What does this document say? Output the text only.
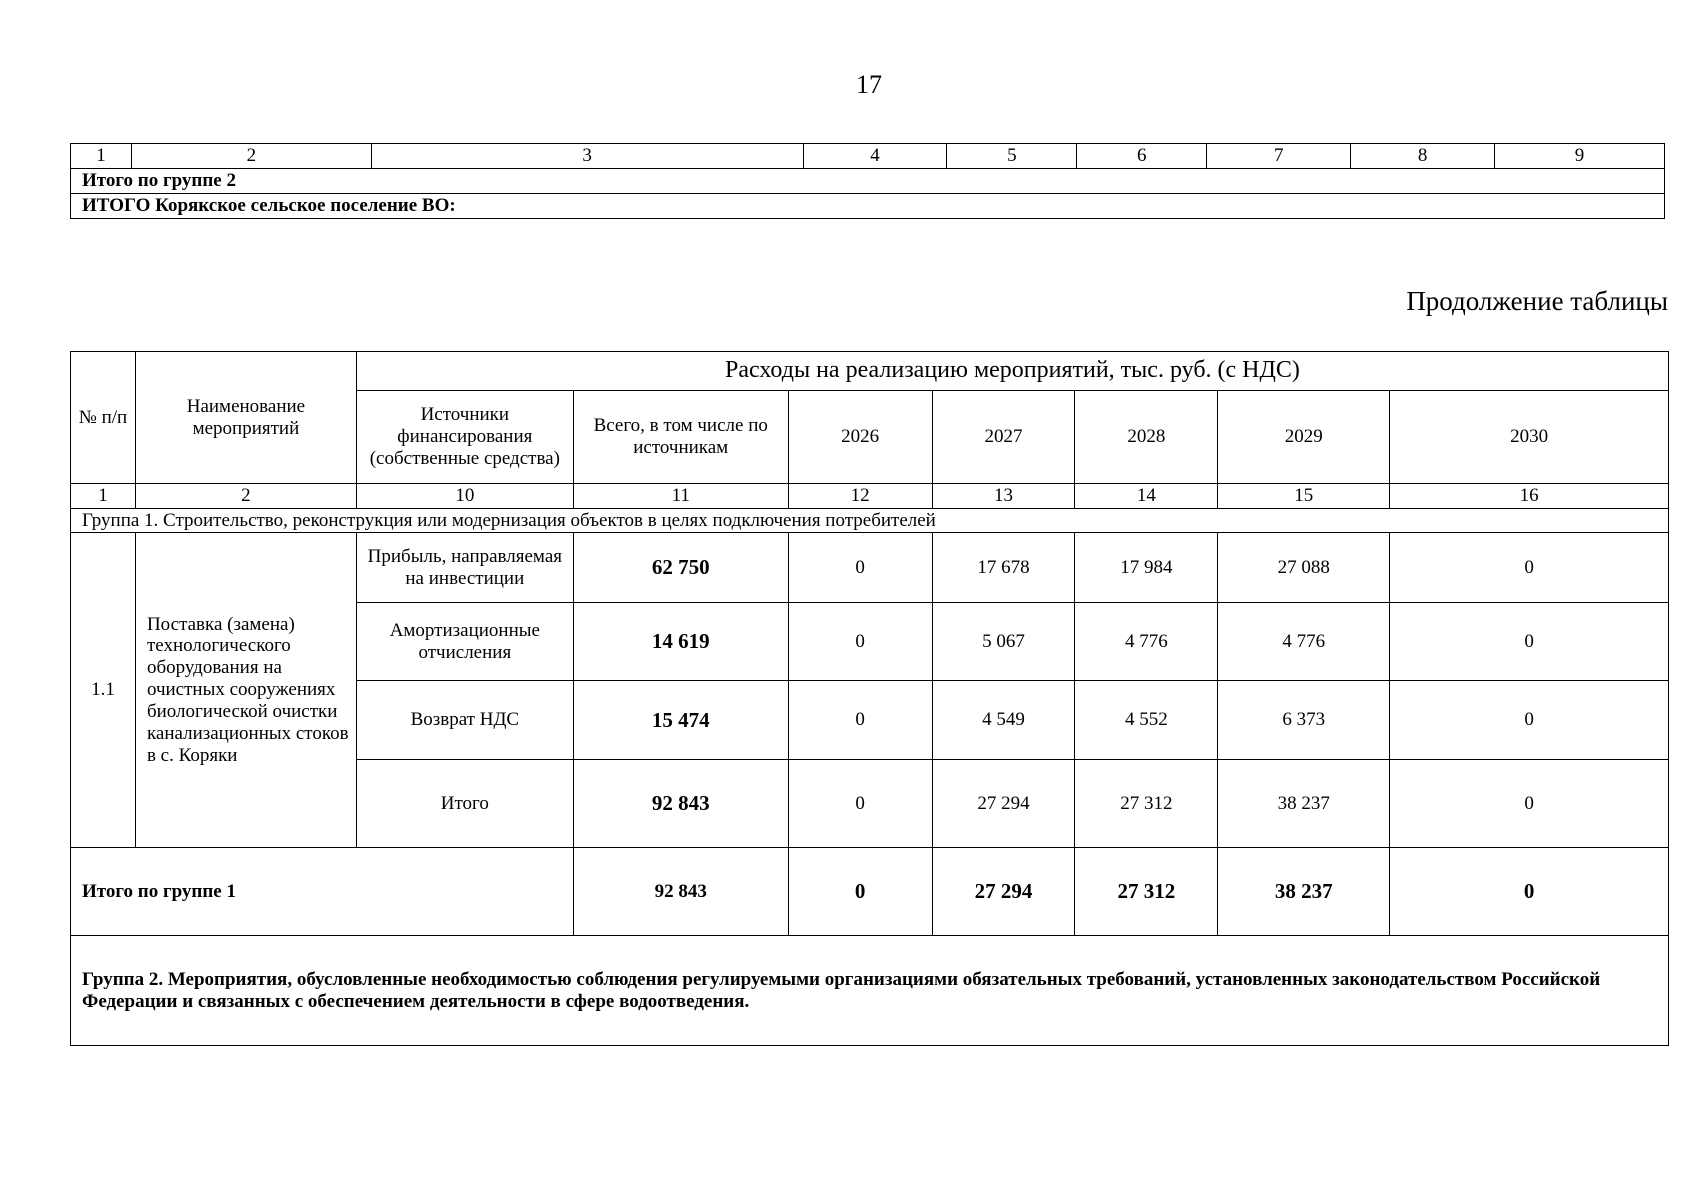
17
1	2	3	4	5	6	7	8	9
Итого по группе 2
ИТОГО Корякское сельское поселение ВО:
Продолжение таблицы
№ п/п	Наименование мероприятий	Расходы на реализацию мероприятий, тыс. руб. (с НДС)						
		Источники финансирования (собственные средства)	Всего, в том числе по источникам	2026	2027	2028	2029	2030
1	2	10	11	12	13	14	15	16
Группа 1. Строительство, реконструкция или модернизация объектов в целях подключения потребителей								
1.1	Поставка (замена) технологического оборудования на очистных сооружениях биологической очистки канализационных стоков в с. Коряки	Прибыль, направляемая на инвестиции	62 750	0	17 678	17 984	27 088	0
		Амортизационные отчисления	14 619	0	5 067	4 776	4 776	0
		Возврат НДС	15 474	0	4 549	4 552	6 373	0
		Итого	92 843	0	27 294	27 312	38 237	0
Итого по группе 1			92 843	0	27 294	27 312	38 237	0
Группа 2. Мероприятия, обусловленные необходимостью соблюдения регулируемыми организациями обязательных требований, установленных законодательством Российской Федерации и связанных с обеспечением деятельности в сфере водоотведения.								
